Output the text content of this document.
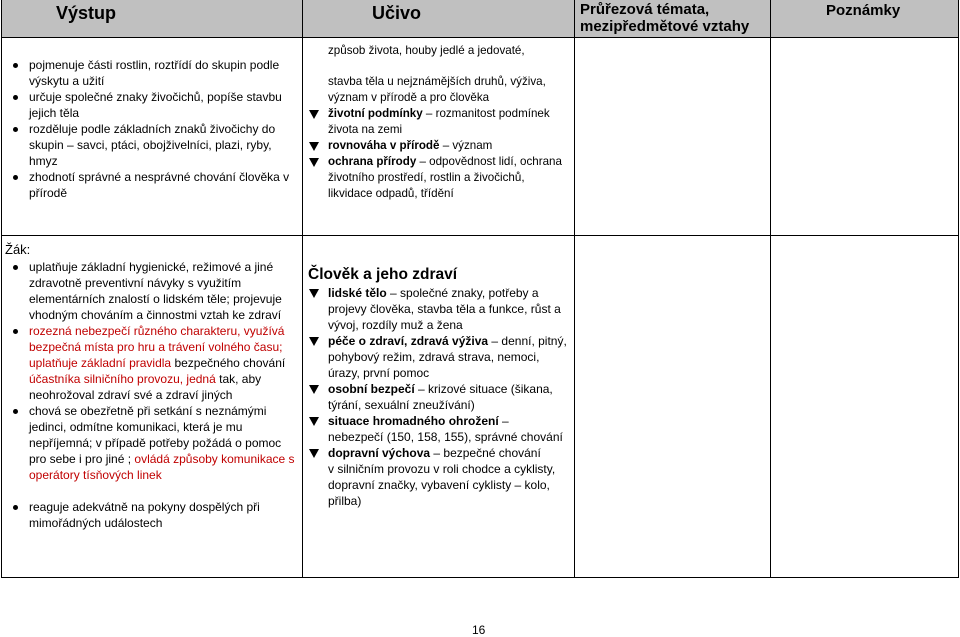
Výstup	Učivo	Průřezová témata,
mezipředmětové vztahy
Poznámky
pojmenuje části rostlin, roztřídí do skupin podle výskytu a užití
určuje společné znaky živočichů, popíše stavbu jejich těla
rozděluje podle základních znaků živočichy do skupin – savci, ptáci, obojživelníci, plazi, ryby, hmyz
zhodnotí správné a nesprávné chování člověka v přírodě
způsob života, houby jedlé a jedovaté,
stavba těla u nejznámějších druhů, výživa, význam v přírodě a pro člověka
životní podmínky – rozmanitost podmínek života na zemi
rovnováha v přírodě – význam
ochrana přírody – odpovědnost lidí, ochrana životního prostředí, rostlin a živočichů, likvidace odpadů, třídění
Žák:
uplatňuje základní hygienické, režimové a jiné zdravotně preventivní návyky s využitím elementárních znalostí o lidském těle; projevuje vhodným chováním a činnostmi vztah ke zdraví
rozezná nebezpečí různého charakteru, využívá bezpečná místa pro hru a trávení volného času; uplatňuje základní pravidla bezpečného chování účastníka silničního provozu, jedná tak, aby neohrožoval zdraví své a zdraví jiných
chová se obezřetně při setkání s neznámými jedinci, odmítne komunikaci, která je mu nepříjemná; v případě potřeby požádá o pomoc pro sebe i pro jiné ; ovládá způsoby komunikace s operátory tísňových linek
reaguje adekvátně na pokyny dospělých při mimořádných událostech
Člověk a jeho zdraví
lidské tělo – společné znaky, potřeby a projevy člověka, stavba těla a funkce, růst a vývoj, rozdíly muž a žena
péče o zdraví, zdravá výživa – denní, pitný, pohybový režim, zdravá strava, nemoci, úrazy, první pomoc
osobní bezpečí – krizové situace (šikana, týrání, sexuální zneužívání)
situace hromadného ohrožení –
nebezpečí (150, 158, 155), správné chování
dopravní výchova – bezpečné chování
v silničním provozu v roli chodce a cyklisty, dopravní značky, vybavení cyklisty – kolo, přilba)
16
